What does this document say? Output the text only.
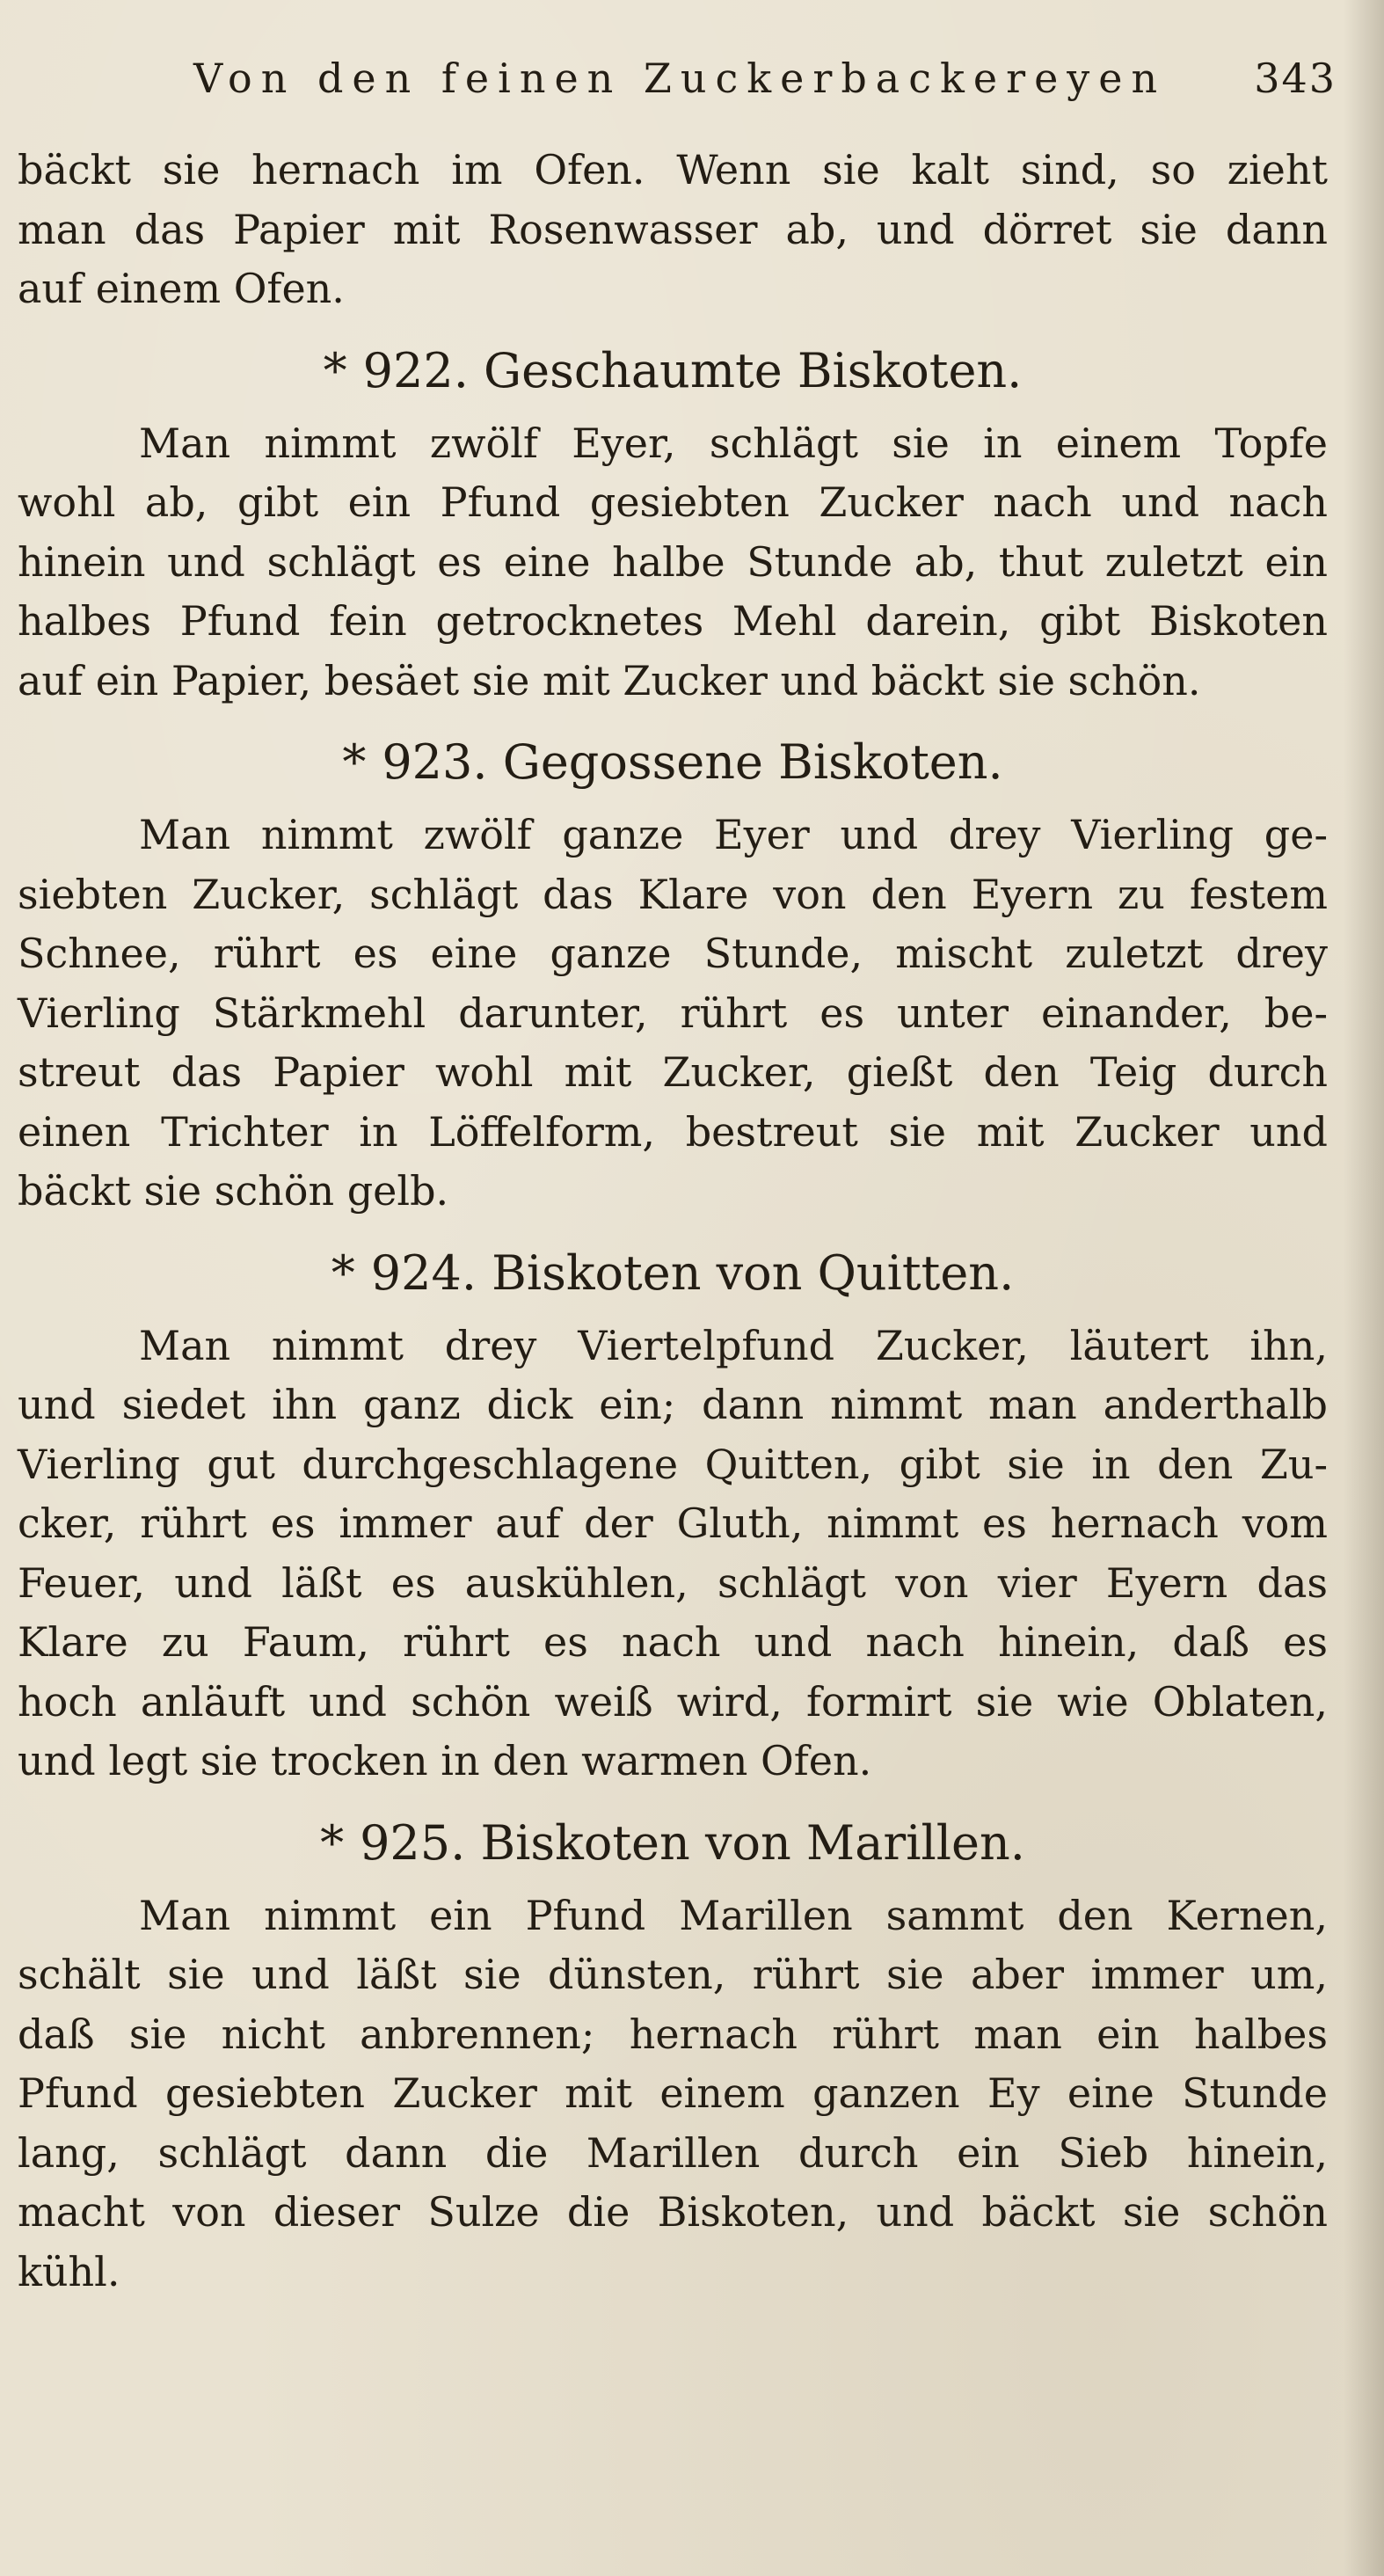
Von den feinen Zuckerbackereyen 343
bäckt sie hernach im Ofen. Wenn sie kalt sind, so zieht
man das Papier mit Rosenwasser ab, und dörret sie dann
auf einem Ofen.
* 922. Geschaumte Biskoten.
Man nimmt zwölf Eyer, schlägt sie in einem Topfe
wohl ab, gibt ein Pfund gesiebten Zucker nach und nach
hinein und schlägt es eine halbe Stunde ab, thut zuletzt ein
halbes Pfund fein getrocknetes Mehl darein, gibt Biskoten
auf ein Papier, besäet sie mit Zucker und bäckt sie schön.
* 923. Gegossene Biskoten.
Man nimmt zwölf ganze Eyer und drey Vierling ge-
siebten Zucker, schlägt das Klare von den Eyern zu festem
Schnee, rührt es eine ganze Stunde, mischt zuletzt drey
Vierling Stärkmehl darunter, rührt es unter einander, be-
streut das Papier wohl mit Zucker, gießt den Teig durch
einen Trichter in Löffelform, bestreut sie mit Zucker und
bäckt sie schön gelb.
* 924. Biskoten von Quitten.
Man nimmt drey Viertelpfund Zucker, läutert ihn,
und siedet ihn ganz dick ein; dann nimmt man anderthalb
Vierling gut durchgeschlagene Quitten, gibt sie in den Zu-
cker, rührt es immer auf der Gluth, nimmt es hernach vom
Feuer, und läßt es auskühlen, schlägt von vier Eyern das
Klare zu Faum, rührt es nach und nach hinein, daß es
hoch anläuft und schön weiß wird, formirt sie wie Oblaten,
und legt sie trocken in den warmen Ofen.
* 925. Biskoten von Marillen.
Man nimmt ein Pfund Marillen sammt den Kernen,
schält sie und läßt sie dünsten, rührt sie aber immer um,
daß sie nicht anbrennen; hernach rührt man ein halbes
Pfund gesiebten Zucker mit einem ganzen Ey eine Stunde
lang, schlägt dann die Marillen durch ein Sieb hinein,
macht von dieser Sulze die Biskoten, und bäckt sie schön
kühl.
